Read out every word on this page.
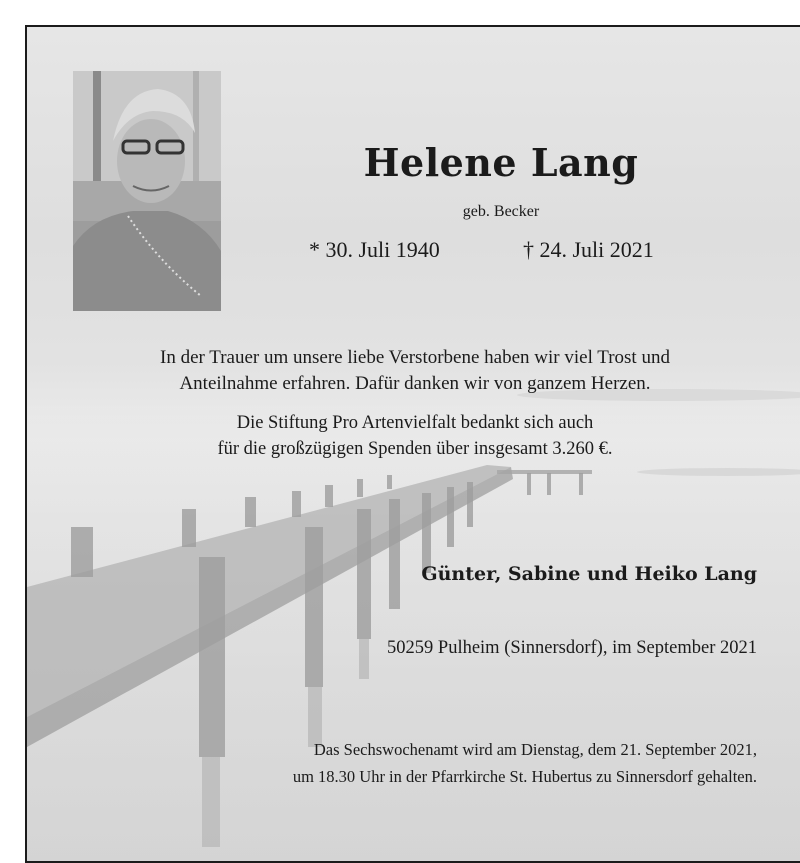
Helene Lang
geb. Becker
* 30. Juli 1940	† 24. Juli 2021
In der Trauer um unsere liebe Verstorbene haben wir viel Trost und
Anteilnahme erfahren. Dafür danken wir von ganzem Herzen.
Die Stiftung Pro Artenvielfalt bedankt sich auch
für die großzügigen Spenden über insgesamt 3.260 €.
Günter, Sabine und Heiko Lang
50259 Pulheim (Sinnersdorf), im September 2021
Das Sechswochenamt wird am Dienstag, dem 21. September 2021,
um 18.30 Uhr in der Pfarrkirche St. Hubertus zu Sinnersdorf gehalten.
